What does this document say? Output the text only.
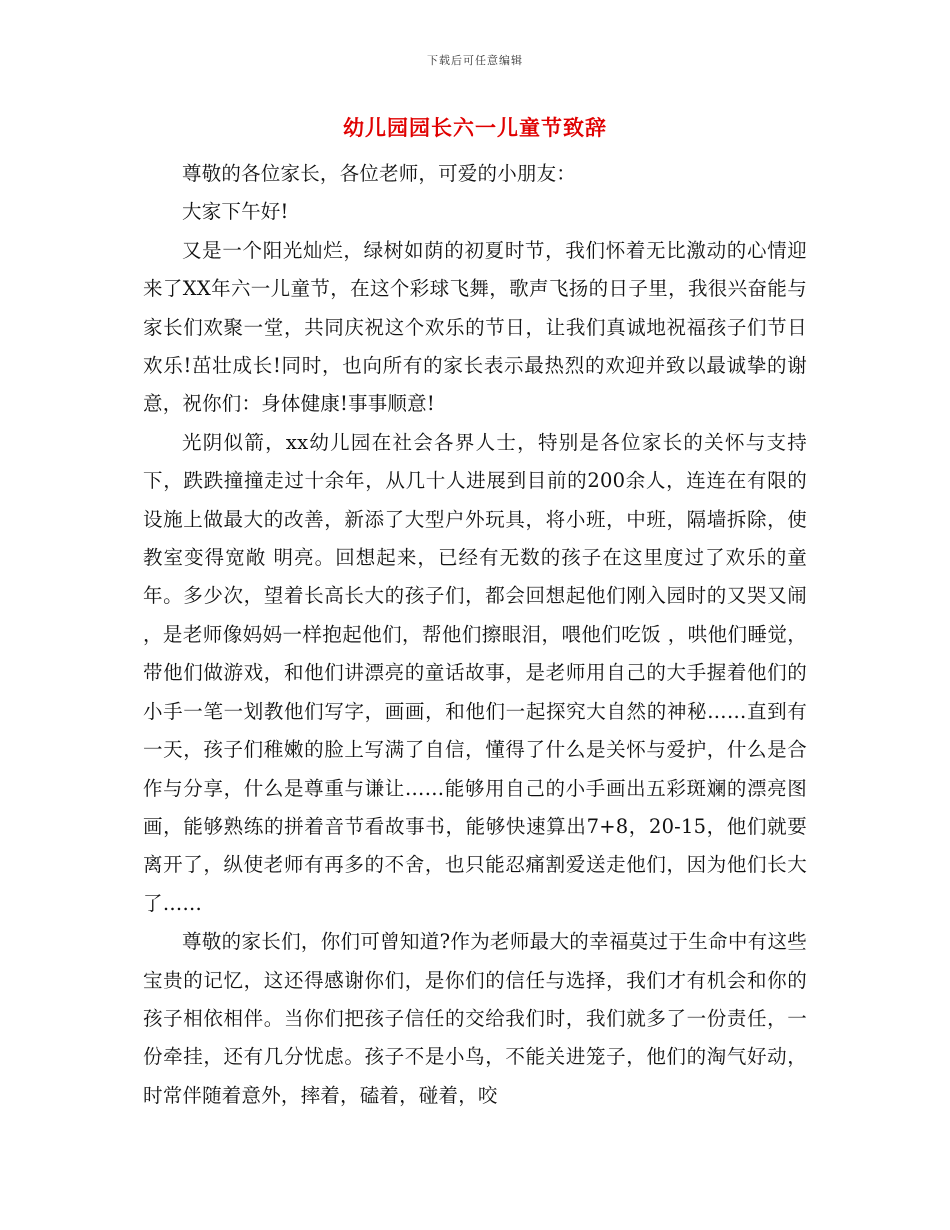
下载后可任意编辑
幼儿园园长六一儿童节致辞

尊敬的各位家长，各位老师，可爱的小朋友：

大家下午好!

又是一个阳光灿烂，绿树如荫的初夏时节，我们怀着无比激动的心情迎来了XX年六一儿童节，在这个彩球飞舞，歌声飞扬的日子里，我很兴奋能与家长们欢聚一堂，共同庆祝这个欢乐的节日，让我们真诚地祝福孩子们节日欢乐!茁壮成长!同时，也向所有的家长表示最热烈的欢迎并致以最诚挚的谢意，祝你们：身体健康!事事顺意!

光阴似箭，xx幼儿园在社会各界人士，特别是各位家长的关怀与支持下，跌跌撞撞走过十余年，从几十人进展到目前的200余人，连连在有限的设施上做最大的改善，新添了大型户外玩具，将小班，中班，隔墙拆除，使教室变得宽敞 明亮。回想起来，已经有无数的孩子在这里度过了欢乐的童年。多少次，望着长高长大的孩子们，都会回想起他们刚入园时的又哭又闹 ，是老师像妈妈一样抱起他们，帮他们擦眼泪，喂他们吃饭 ，哄他们睡觉，带他们做游戏，和他们讲漂亮的童话故事，是老师用自己的大手握着他们的小手一笔一划教他们写字，画画，和他们一起探究大自然的神秘……直到有一天，孩子们稚嫩的脸上写满了自信，懂得了什么是关怀与爱护，什么是合作与分享，什么是尊重与谦让……能够用自己的小手画出五彩斑斓的漂亮图画，能够熟练的拼着音节看故事书，能够快速算出7+8，20-15，他们就要离开了，纵使老师有再多的不舍，也只能忍痛割爱送走他们，因为他们长大了……

尊敬的家长们，你们可曾知道?作为老师最大的幸福莫过于生命中有这些宝贵的记忆，这还得感谢你们，是你们的信任与选择，我们才有机会和你的孩子相依相伴。当你们把孩子信任的交给我们时，我们就多了一份责任，一份牵挂，还有几分忧虑。孩子不是小鸟，不能关进笼子，他们的淘气好动，时常伴随着意外，摔着，磕着，碰着，咬
